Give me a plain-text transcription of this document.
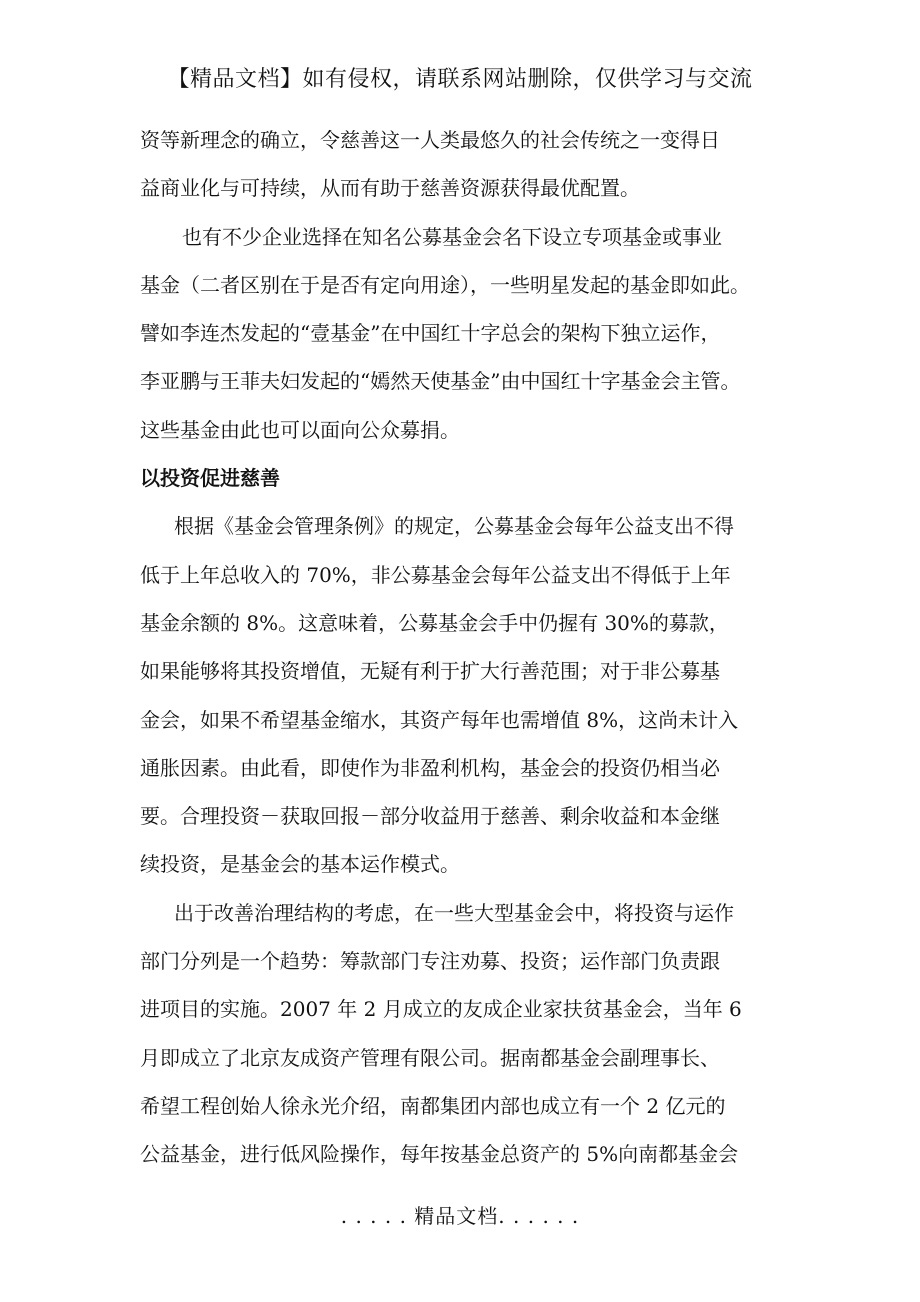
【精品文档】如有侵权，请联系网站删除，仅供学习与交流
资等新理念的确立，令慈善这一人类最悠久的社会传统之一变得日
益商业化与可持续，从而有助于慈善资源获得最优配置。
也有不少企业选择在知名公募基金会名下设立专项基金或事业
基金（二者区别在于是否有定向用途），一些明星发起的基金即如此。
譬如李连杰发起的“壹基金”在中国红十字总会的架构下独立运作，
李亚鹏与王菲夫妇发起的“嫣然天使基金”由中国红十字基金会主管。
这些基金由此也可以面向公众募捐。
以投资促进慈善
根据《基金会管理条例》的规定，公募基金会每年公益支出不得
低于上年总收入的 70%，非公募基金会每年公益支出不得低于上年
基金余额的 8%。这意味着，公募基金会手中仍握有 30%的募款，
如果能够将其投资增值，无疑有利于扩大行善范围；对于非公募基
金会，如果不希望基金缩水，其资产每年也需增值 8%，这尚未计入
通胀因素。由此看，即使作为非盈利机构，基金会的投资仍相当必
要。合理投资－获取回报－部分收益用于慈善、剩余收益和本金继
续投资，是基金会的基本运作模式。
出于改善治理结构的考虑，在一些大型基金会中，将投资与运作
部门分列是一个趋势：筹款部门专注劝募、投资；运作部门负责跟
进项目的实施。2007 年 2 月成立的友成企业家扶贫基金会，当年 6
月即成立了北京友成资产管理有限公司。据南都基金会副理事长、
希望工程创始人徐永光介绍，南都集团内部也成立有一个 2 亿元的
公益基金，进行低风险操作，每年按基金总资产的 5%向南都基金会
. . . . . 精品文档. . . . . .
